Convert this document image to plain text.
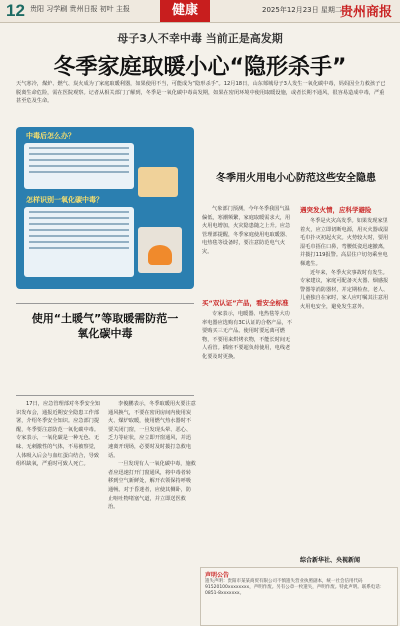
12 贵阳 习学刷 贵州日报 初叶 主报	健康	2025年12月23日 星期二
贵州商报
母子3人不幸中毒 当前正是高发期
冬季家庭取暖小心“隐形杀手”
天气寒冷，煤炉、燃气、炭火成为了家庭取暖利器，如果使用不当，可能成为“隐形杀手”。12月18日，山东郯城母子3人发生一氧化碳中毒，妈妈因全力救孩子已脱离生命危险，需在医院观察。记者从相关部门了解到，冬季是一氧化碳中毒高发期，如果在密闭环境中使用取暖设施，或者长期不通风，很容易造成中毒，严重甚至危及生命。
中毒后怎么办？
怎样识别一氧化碳中毒？
使用“土暖气”等取暖需防范一氧化碳中毒

17日，应急管理部对冬季安全知识发布会，通报近期安全隐患工作部署，介绍冬季安全知识。应急部门提醒，冬季要注意防范一氧化碳中毒。专家表示，一氧化碳是一种无色、无味、无刺激性的气体，不易被察觉，人体吸入后会与血红蛋白结合，导致组织缺氧，严重时可致人死亡。

李俊鹏表示，冬季取暖用火要注意通风换气，不要在密闭房间内使用炭火、煤炉取暖，使用燃气热水器时不要关闭门窗，一旦发现头晕、恶心、乏力等症状，应立即开窗通风，并迅速离开现场，必要时及时拨打急救电话。

一旦发现有人一氧化碳中毒，施救者应迅速打开门窗通风，将中毒者转移到空气新鲜处，解开衣领保持呼吸通畅。对于昏迷者，应使其侧卧，防止呕吐物堵塞气道，并立即送医救治。

冬季用火用电小心防范这些安全隐患

气象部门预测，今年冬季我国气温偏低，寒潮频繁，家庭取暖需求大，用火用电增加，火灾隐患随之上升。应急管理部提醒，冬季家庭使用电取暖器、电热毯等设备时，要注意防范电气火灾。

买“双认证”产品，看安全标准

专家表示，电暖器、电热毯等大功率电器应选购有3C认证的合格产品，不要购买三无产品。使用时要远离可燃物，不要用来烘烤衣物，不能长时间无人看管。插座不要超负荷使用，电线老化要及时更换。

遇突发火情，应科学避险

冬季是火灾高发季。如果发现家里着火，应立即切断电源，用灭火器或湿毛巾扑灭初起火灾。火势较大时，要用湿毛巾捂住口鼻，弯腰低姿迅速撤离，并拨打119报警。高层住户切勿乘坐电梯逃生。

近年来，冬季火灾事故时有发生。专家建议，家庭可配备灭火器、烟感报警器等消防器材，并定期检查。老人、儿童独自在家时，家人应叮嘱其注意用火用电安全，避免发生意外。

综合新华社、央视新闻
声明公告
遗失声明：贵阳市某某商贸有限公司不慎遗失营业执照副本，统一社会信用代码91520100xxxxxxxx，声明作废。另有公章一枚遗失，声明作废。特此声明。联系电话：0851-8xxxxxxx。
